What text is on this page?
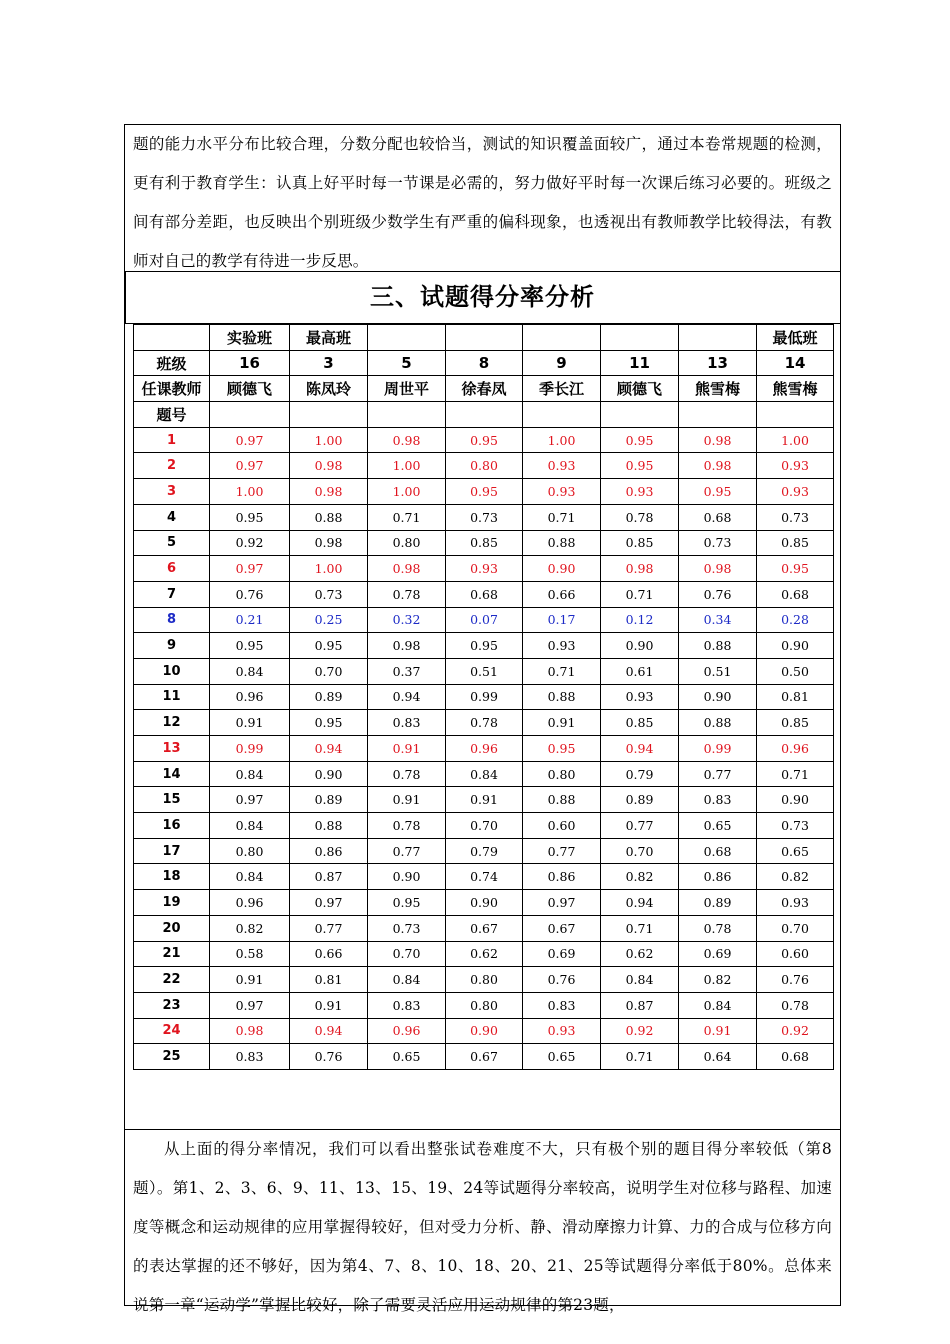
题的能力水平分布比较合理，分数分配也较恰当，测试的知识覆盖面较广，通过本卷常规题的检测，更有利于教育学生：认真上好平时每一节课是必需的，努力做好平时每一次课后练习必要的。班级之间有部分差距，也反映出个别班级少数学生有严重的偏科现象，也透视出有教师教学比较得法，有教师对自己的教学有待进一步反思。

三、试题得分率分析
	实验班	最高班						最低班
班级	16	3	5	8	9	11	13	14
任课教师	顾德飞	陈凤玲	周世平	徐春凤	季长江	顾德飞	熊雪梅	熊雪梅
题号								
1	0.97	1.00	0.98	0.95	1.00	0.95	0.98	1.00
2	0.97	0.98	1.00	0.80	0.93	0.95	0.98	0.93
3	1.00	0.98	1.00	0.95	0.93	0.93	0.95	0.93
4	0.95	0.88	0.71	0.73	0.71	0.78	0.68	0.73
5	0.92	0.98	0.80	0.85	0.88	0.85	0.73	0.85
6	0.97	1.00	0.98	0.93	0.90	0.98	0.98	0.95
7	0.76	0.73	0.78	0.68	0.66	0.71	0.76	0.68
8	0.21	0.25	0.32	0.07	0.17	0.12	0.34	0.28
9	0.95	0.95	0.98	0.95	0.93	0.90	0.88	0.90
10	0.84	0.70	0.37	0.51	0.71	0.61	0.51	0.50
11	0.96	0.89	0.94	0.99	0.88	0.93	0.90	0.81
12	0.91	0.95	0.83	0.78	0.91	0.85	0.88	0.85
13	0.99	0.94	0.91	0.96	0.95	0.94	0.99	0.96
14	0.84	0.90	0.78	0.84	0.80	0.79	0.77	0.71
15	0.97	0.89	0.91	0.91	0.88	0.89	0.83	0.90
16	0.84	0.88	0.78	0.70	0.60	0.77	0.65	0.73
17	0.80	0.86	0.77	0.79	0.77	0.70	0.68	0.65
18	0.84	0.87	0.90	0.74	0.86	0.82	0.86	0.82
19	0.96	0.97	0.95	0.90	0.97	0.94	0.89	0.93
20	0.82	0.77	0.73	0.67	0.67	0.71	0.78	0.70
21	0.58	0.66	0.70	0.62	0.69	0.62	0.69	0.60
22	0.91	0.81	0.84	0.80	0.76	0.84	0.82	0.76
23	0.97	0.91	0.83	0.80	0.83	0.87	0.84	0.78
24	0.98	0.94	0.96	0.90	0.93	0.92	0.91	0.92
25	0.83	0.76	0.65	0.67	0.65	0.71	0.64	0.68

从上面的得分率情况，我们可以看出整张试卷难度不大，只有极个别的题目得分率较低（第8题）。第1、2、3、6、9、11、13、15、19、24等试题得分率较高，说明学生对位移与路程、加速度等概念和运动规律的应用掌握得较好，但对受力分析、静、滑动摩擦力计算、力的合成与位移方向的表达掌握的还不够好，因为第4、7、8、10、18、20、21、25等试题得分率低于80%。总体来说第一章“运动学”掌握比较好，除了需要灵活应用运动规律的第23题，
